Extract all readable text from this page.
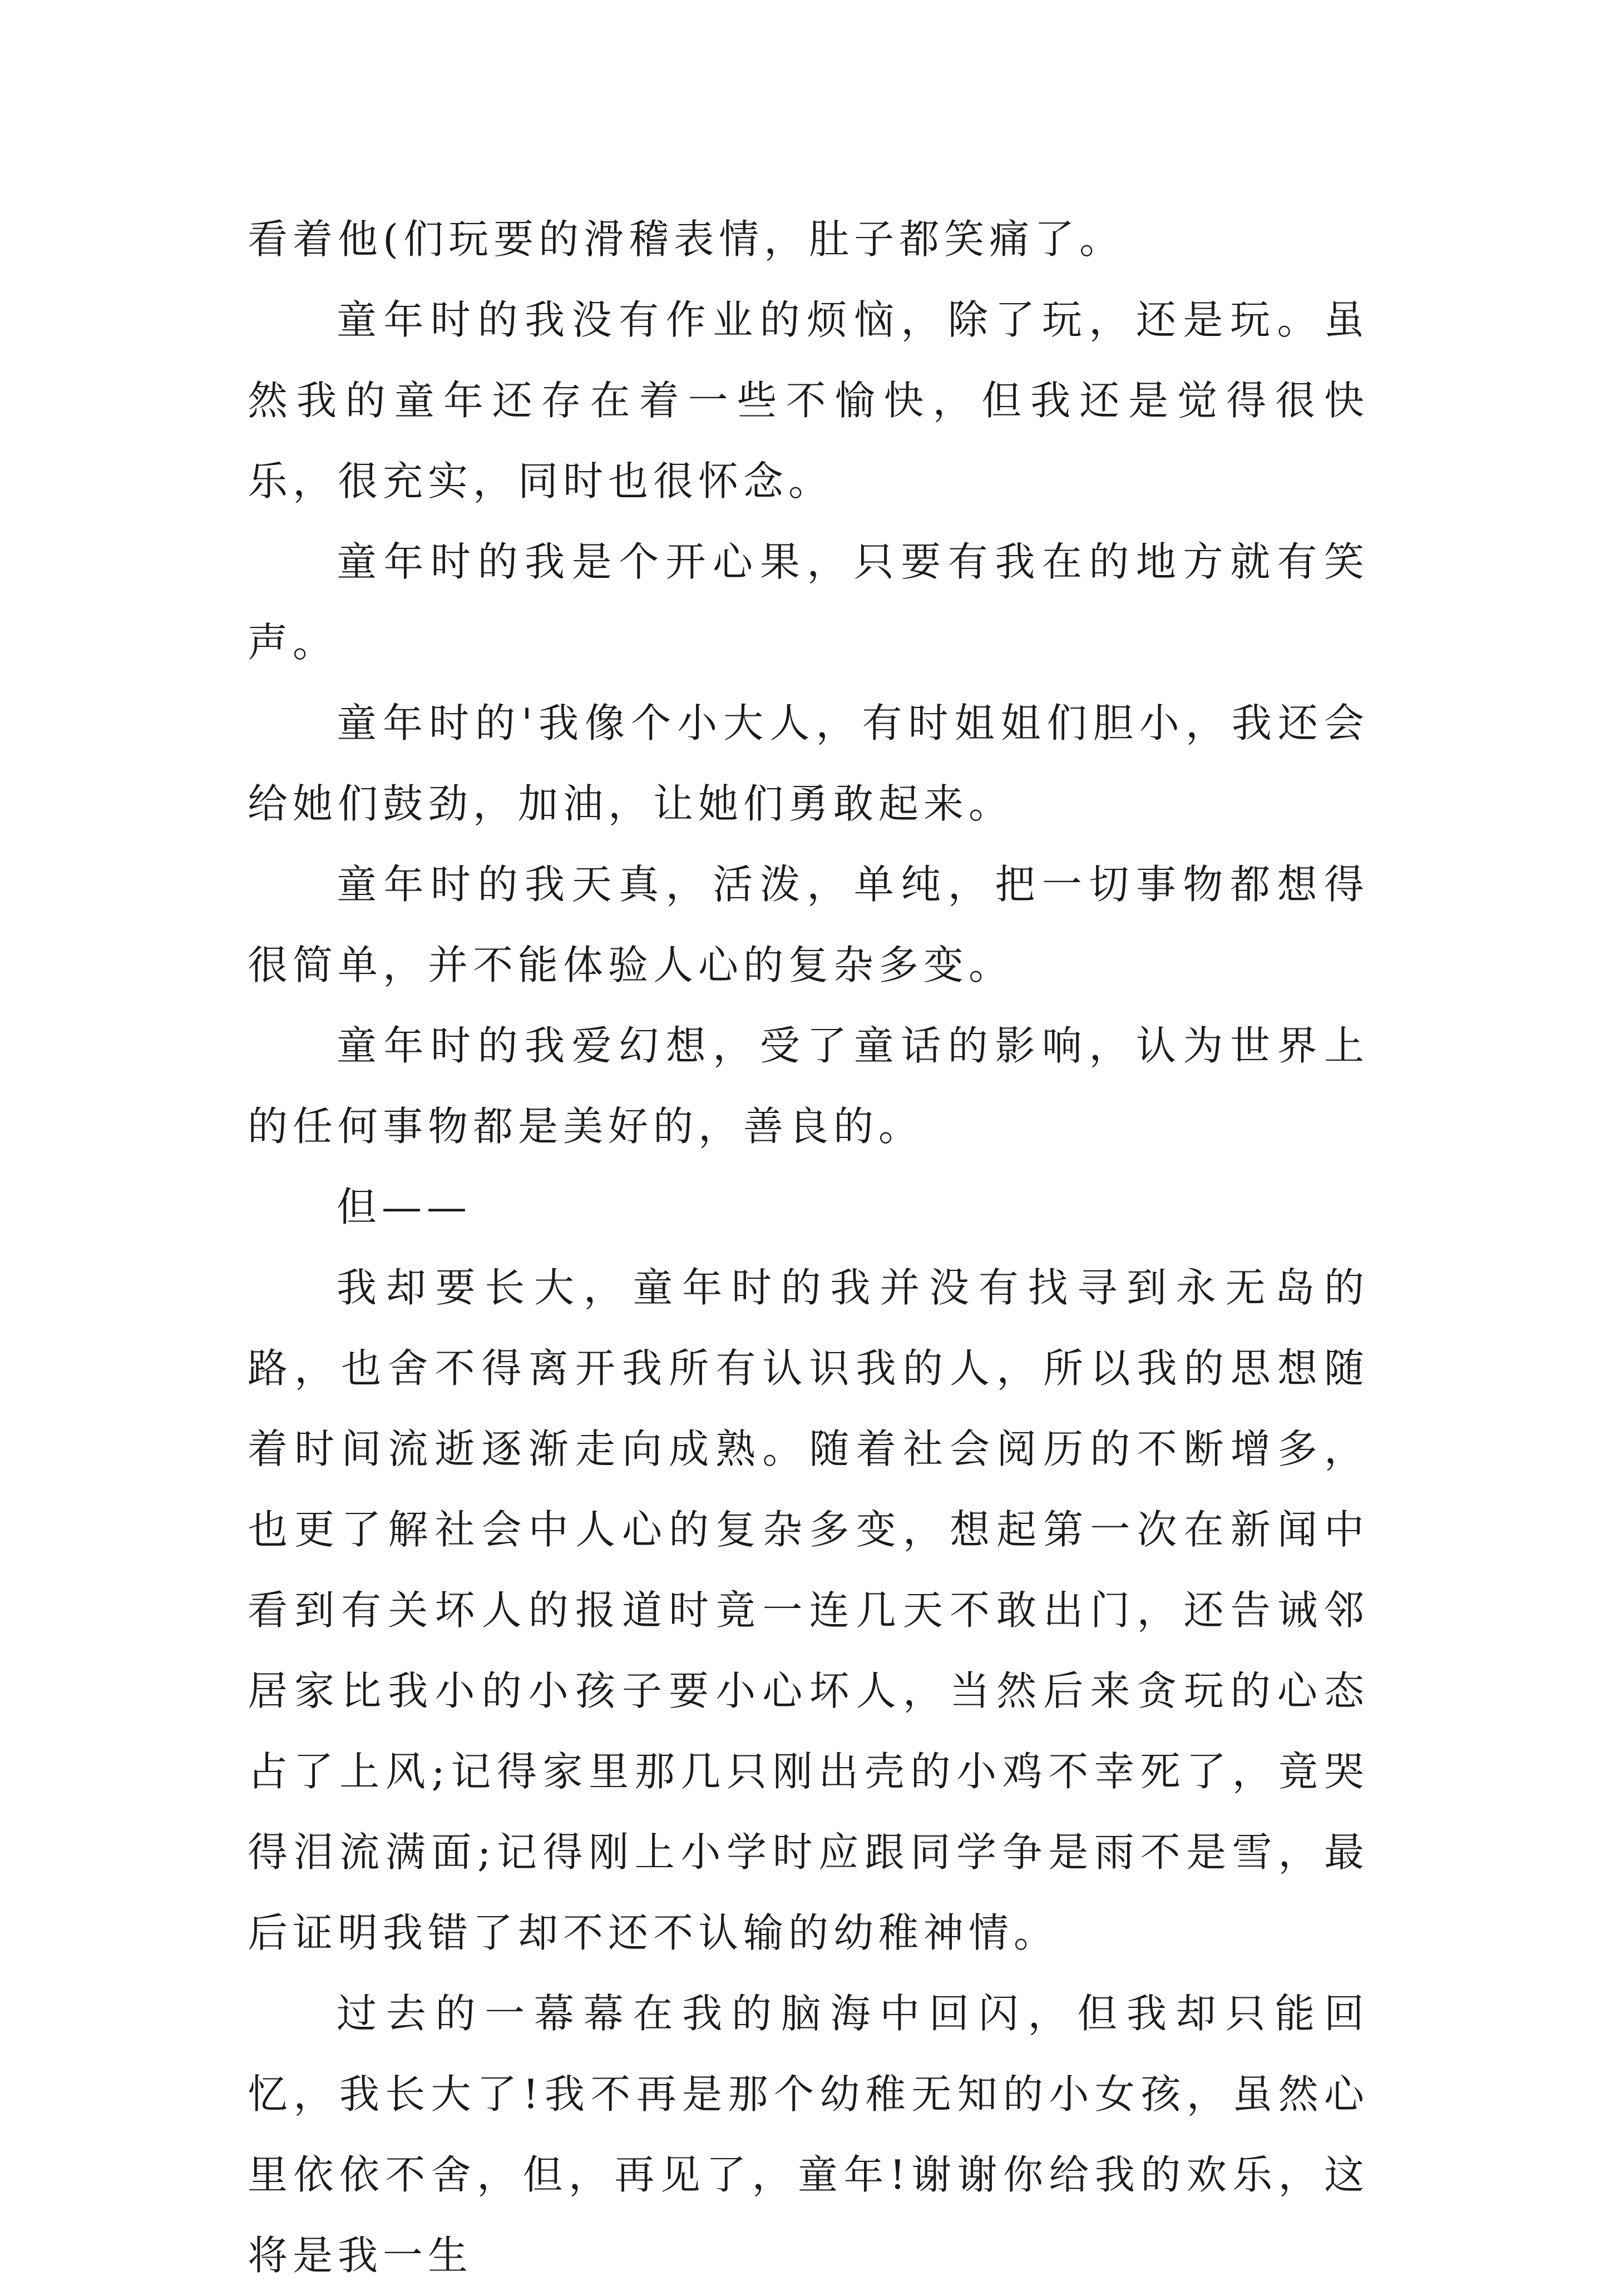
看着他(们玩要的滑稽表情，肚子都笑痛了。

童年时的我没有作业的烦恼，除了玩，还是玩。虽然我的童年还存在着一些不愉快，但我还是觉得很快乐，很充实，同时也很怀念。

童年时的我是个开心果，只要有我在的地方就有笑声。

童年时的'我像个小大人，有时姐姐们胆小，我还会给她们鼓劲，加油，让她们勇敢起来。

童年时的我天真，活泼，单纯，把一切事物都想得很简单，并不能体验人心的复杂多变。

童年时的我爱幻想，受了童话的影响，认为世界上的任何事物都是美好的，善良的。

但——

我却要长大，童年时的我并没有找寻到永无岛的路，也舍不得离开我所有认识我的人，所以我的思想随着时间流逝逐渐走向成熟。随着社会阅历的不断增多，也更了解社会中人心的复杂多变，想起第一次在新闻中看到有关坏人的报道时竟一连几天不敢出门，还告诫邻居家比我小的小孩子要小心坏人，当然后来贪玩的心态占了上风;记得家里那几只刚出壳的小鸡不幸死了，竟哭得泪流满面;记得刚上小学时应跟同学争是雨不是雪，最后证明我错了却不还不认输的幼稚神情。

过去的一幕幕在我的脑海中回闪，但我却只能回忆，我长大了!我不再是那个幼稚无知的小女孩，虽然心里依依不舍，但，再见了，童年!谢谢你给我的欢乐，这将是我一生
